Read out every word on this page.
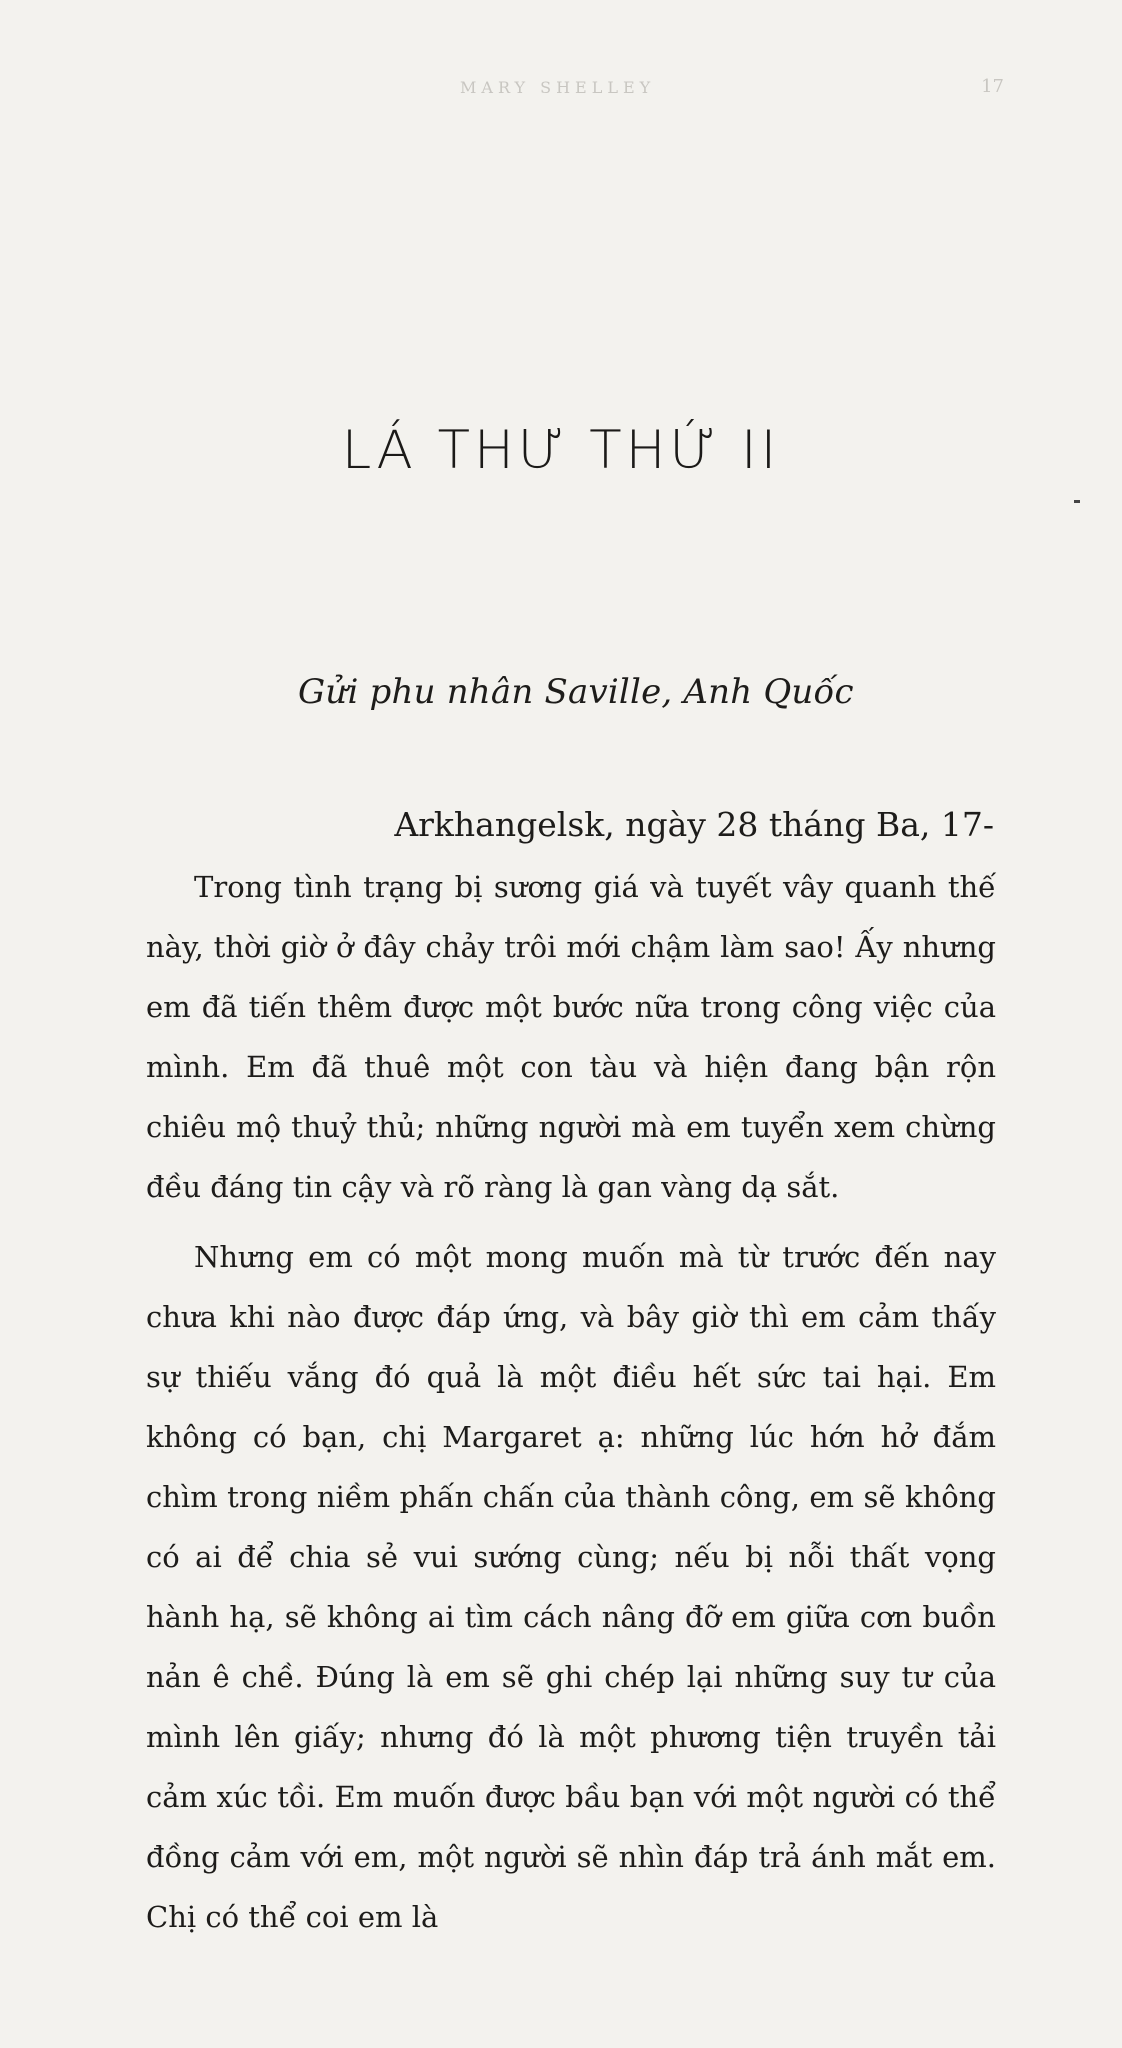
MARY SHELLEY	17
LÁ THƯ THỨ II
Gửi phu nhân Saville, Anh Quốc
Arkhangelsk, ngày 28 tháng Ba, 17-

Trong tình trạng bị sương giá và tuyết vây quanh thế này, thời giờ ở đây chảy trôi mới chậm làm sao! Ấy nhưng em đã tiến thêm được một bước nữa trong công việc của mình. Em đã thuê một con tàu và hiện đang bận rộn chiêu mộ thuỷ thủ; những người mà em tuyển xem chừng đều đáng tin cậy và rõ ràng là gan vàng dạ sắt.

Nhưng em có một mong muốn mà từ trước đến nay chưa khi nào được đáp ứng, và bây giờ thì em cảm thấy sự thiếu vắng đó quả là một điều hết sức tai hại. Em không có bạn, chị Margaret ạ: những lúc hớn hở đắm chìm trong niềm phấn chấn của thành công, em sẽ không có ai để chia sẻ vui sướng cùng; nếu bị nỗi thất vọng hành hạ, sẽ không ai tìm cách nâng đỡ em giữa cơn buồn nản ê chề. Đúng là em sẽ ghi chép lại những suy tư của mình lên giấy; nhưng đó là một phương tiện truyền tải cảm xúc tồi. Em muốn được bầu bạn với một người có thể đồng cảm với em, một người sẽ nhìn đáp trả ánh mắt em. Chị có thể coi em là
